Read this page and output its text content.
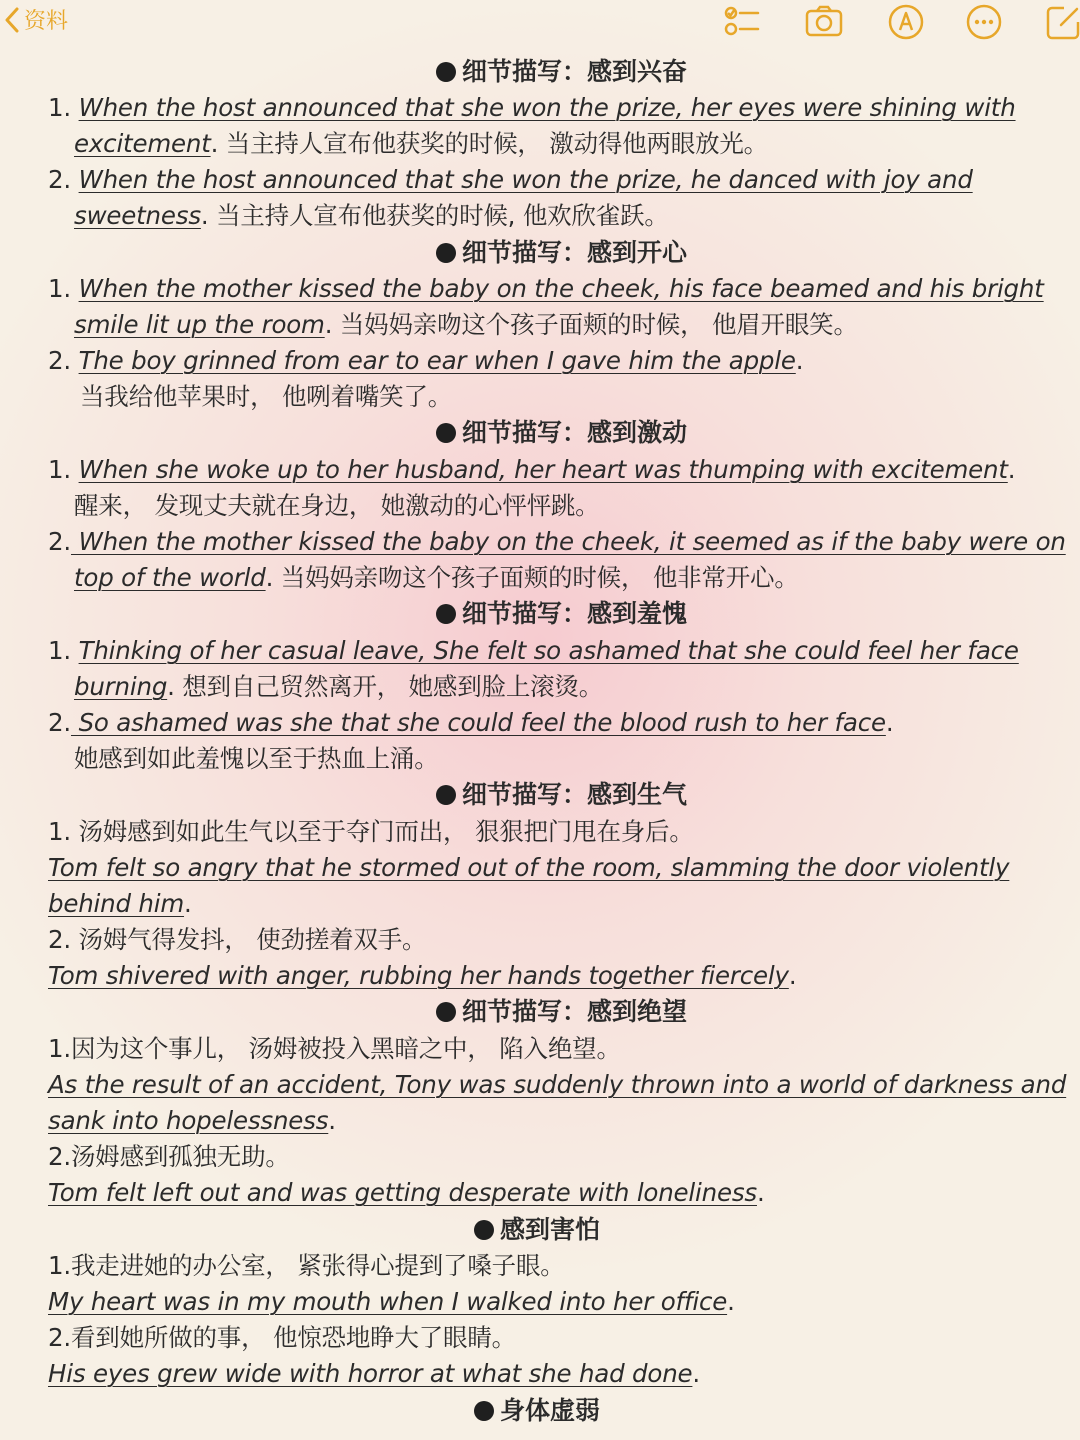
资料
细节描写：感到兴奋
1. When the host announced that she won the prize, her eyes were shining with
excitement. 当主持人宣布他获奖的时候， 激动得他两眼放光。
2. When the host announced that she won the prize, he danced with joy and
sweetness. 当主持人宣布他获奖的时候, 他欢欣雀跃。
细节描写：感到开心
1. When the mother kissed the baby on the cheek, his face beamed and his bright
smile lit up the room. 当妈妈亲吻这个孩子面颊的时候， 他眉开眼笑。
2. The boy grinned from ear to ear when I gave him the apple.
当我给他苹果时， 他咧着嘴笑了。
细节描写：感到激动
1. When she woke up to her husband, her heart was thumping with excitement.
醒来， 发现丈夫就在身边， 她激动的心怦怦跳。
2. When the mother kissed the baby on the cheek, it seemed as if the baby were on
top of the world. 当妈妈亲吻这个孩子面颊的时候， 他非常开心。
细节描写：感到羞愧
1. Thinking of her casual leave, She felt so ashamed that she could feel her face
burning. 想到自己贸然离开， 她感到脸上滚烫。
2. So ashamed was she that she could feel the blood rush to her face.
她感到如此羞愧以至于热血上涌。
细节描写：感到生气
1. 汤姆感到如此生气以至于夺门而出， 狠狠把门甩在身后。
Tom felt so angry that he stormed out of the room, slamming the door violently
behind him.
2. 汤姆气得发抖， 使劲搓着双手。
Tom shivered with anger, rubbing her hands together fiercely.
细节描写：感到绝望
1.因为这个事儿， 汤姆被投入黑暗之中， 陷入绝望。
As the result of an accident, Tony was suddenly thrown into a world of darkness and
sank into hopelessness.
2.汤姆感到孤独无助。
Tom felt left out and was getting desperate with loneliness.
感到害怕
1.我走进她的办公室， 紧张得心提到了嗓子眼。
My heart was in my mouth when I walked into her office.
2.看到她所做的事， 他惊恐地睁大了眼睛。
His eyes grew wide with horror at what she had done.
身体虚弱
